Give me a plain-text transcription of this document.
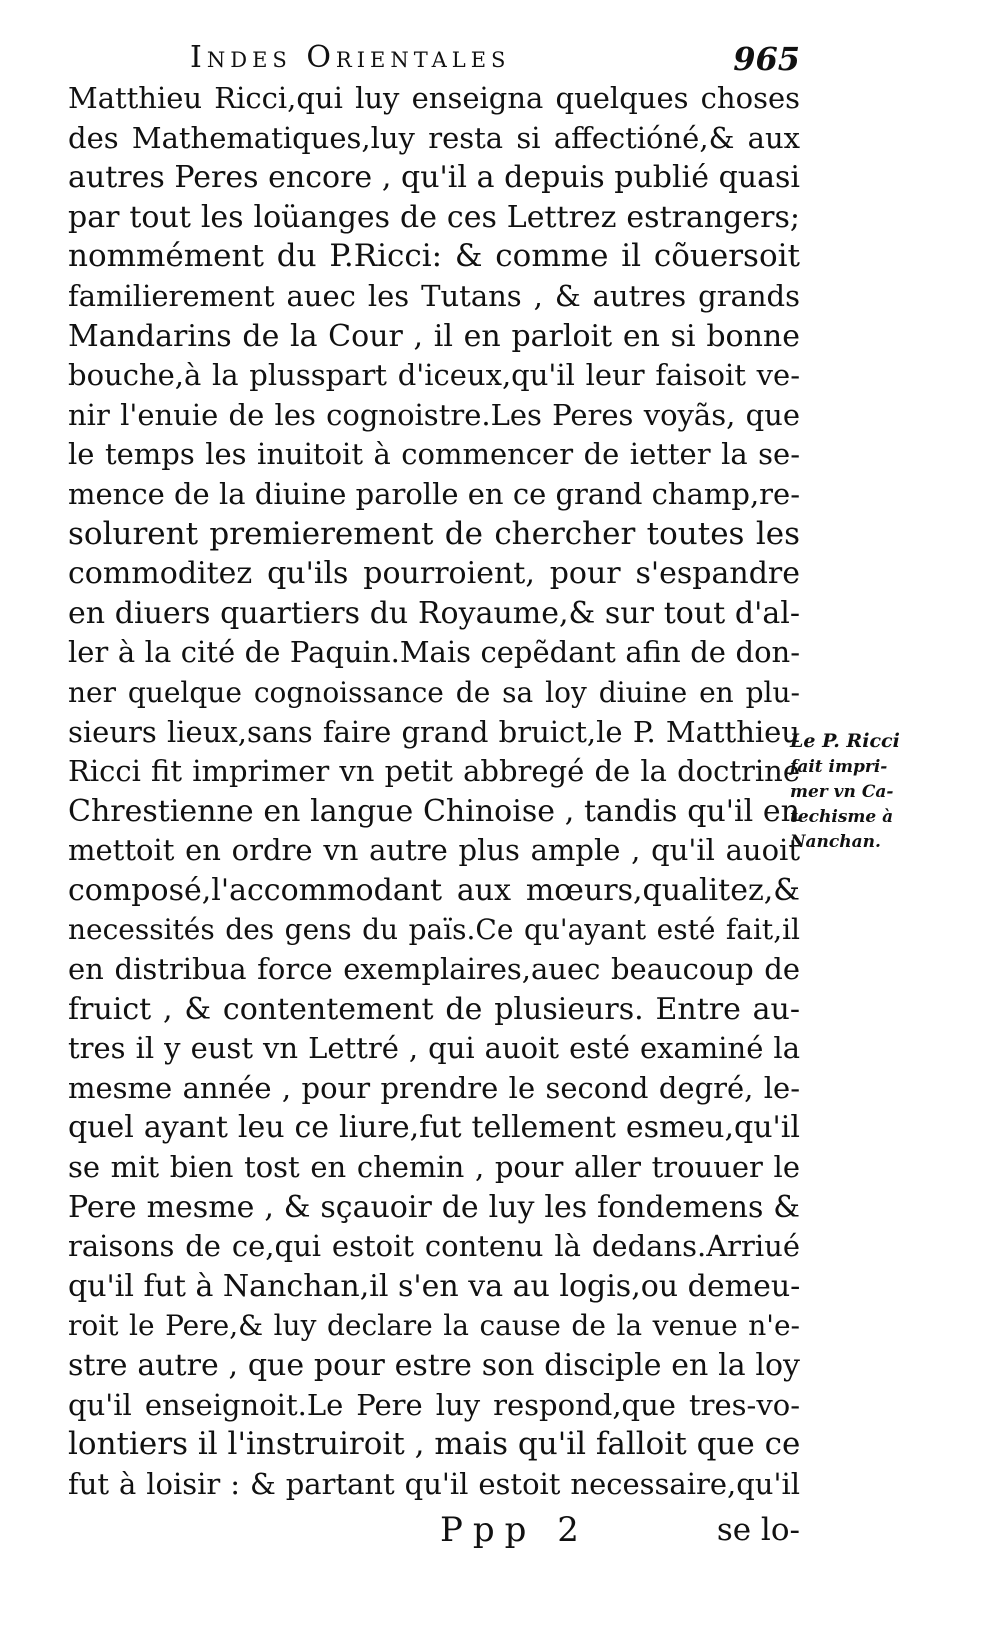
Indes Orientales	965
Matthieu Ricci,qui luy enseigna quelques choses
des Mathematiques,luy resta si affectióné,& aux
autres Peres encore , qu'il a depuis publié quasi
par tout les loüanges de ces Lettrez estrangers;
nommément du P.Ricci: & comme il cõuersoit
familierement auec les Tutans , & autres grands
Mandarins de la Cour , il en parloit en si bonne
bouche,à la plusspart d'iceux,qu'il leur faisoit ve-
nir l'enuie de les cognoistre.Les Peres voyãs, que
le temps les inuitoit à commencer de ietter la se-
mence de la diuine parolle en ce grand champ,re-
solurent premierement de chercher toutes les
commoditez qu'ils pourroient, pour s'espandre
en diuers quartiers du Royaume,& sur tout d'al-
ler à la cité de Paquin.Mais cepẽdant afin de don-
ner quelque cognoissance de sa loy diuine en plu-
sieurs lieux,sans faire grand bruict,le P. Matthieu
Ricci fit imprimer vn petit abbregé de la doctrine
Chrestienne en langue Chinoise , tandis qu'il en
mettoit en ordre vn autre plus ample , qu'il auoit
composé,l'accommodant aux mœurs,qualitez,&
necessités des gens du païs.Ce qu'ayant esté fait,il
en distribua force exemplaires,auec beaucoup de
fruict , & contentement de plusieurs. Entre au-
tres il y eust vn Lettré , qui auoit esté examiné la
mesme année , pour prendre le second degré, le-
quel ayant leu ce liure,fut tellement esmeu,qu'il
se mit bien tost en chemin , pour aller trouuer le
Pere mesme , & sçauoir de luy les fondemens &
raisons de ce,qui estoit contenu là dedans.Arriué
qu'il fut à Nanchan,il s'en va au logis,ou demeu-
roit le Pere,& luy declare la cause de la venue n'e-
stre autre , que pour estre son disciple en la loy
qu'il enseignoit.Le Pere luy respond,que tres-vo-
lontiers il l'instruiroit , mais qu'il falloit que ce
fut à loisir : & partant qu'il estoit necessaire,qu'il
Le P. Ricci
fait impri-
mer vn Ca-
techisme à
Nanchan.
Ppp 2	se lo-
